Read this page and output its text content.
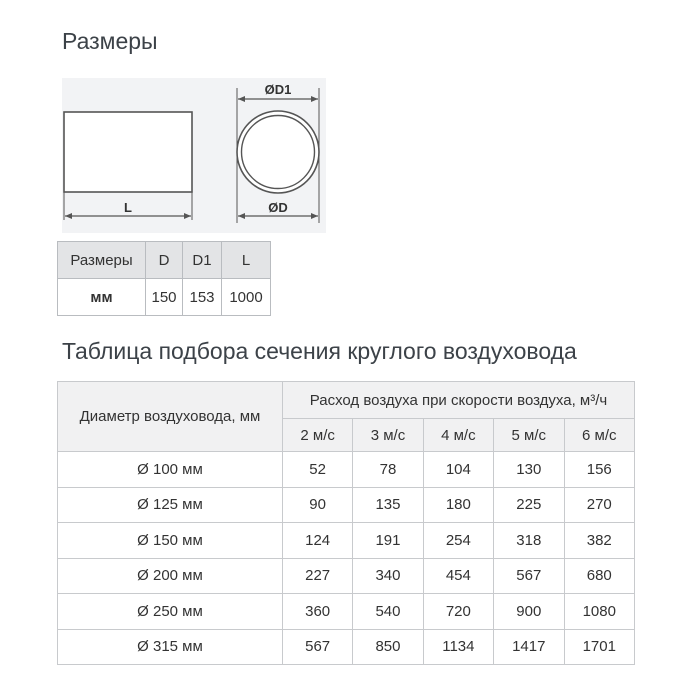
Размеры
L
ØD1
ØD
Размеры	D	D1	L
мм	150	153	1000
Таблица подбора сечения круглого воздуховода
Диаметр воздуховода, мм	Расход воздуха при скорости воздуха, м³/ч				
	2 м/с	3 м/с	4 м/с	5 м/с	6 м/с
Ø 100 мм	52	78	104	130	156
Ø 125 мм	90	135	180	225	270
Ø 150 мм	124	191	254	318	382
Ø 200 мм	227	340	454	567	680
Ø 250 мм	360	540	720	900	1080
Ø 315 мм	567	850	1134	1417	1701
